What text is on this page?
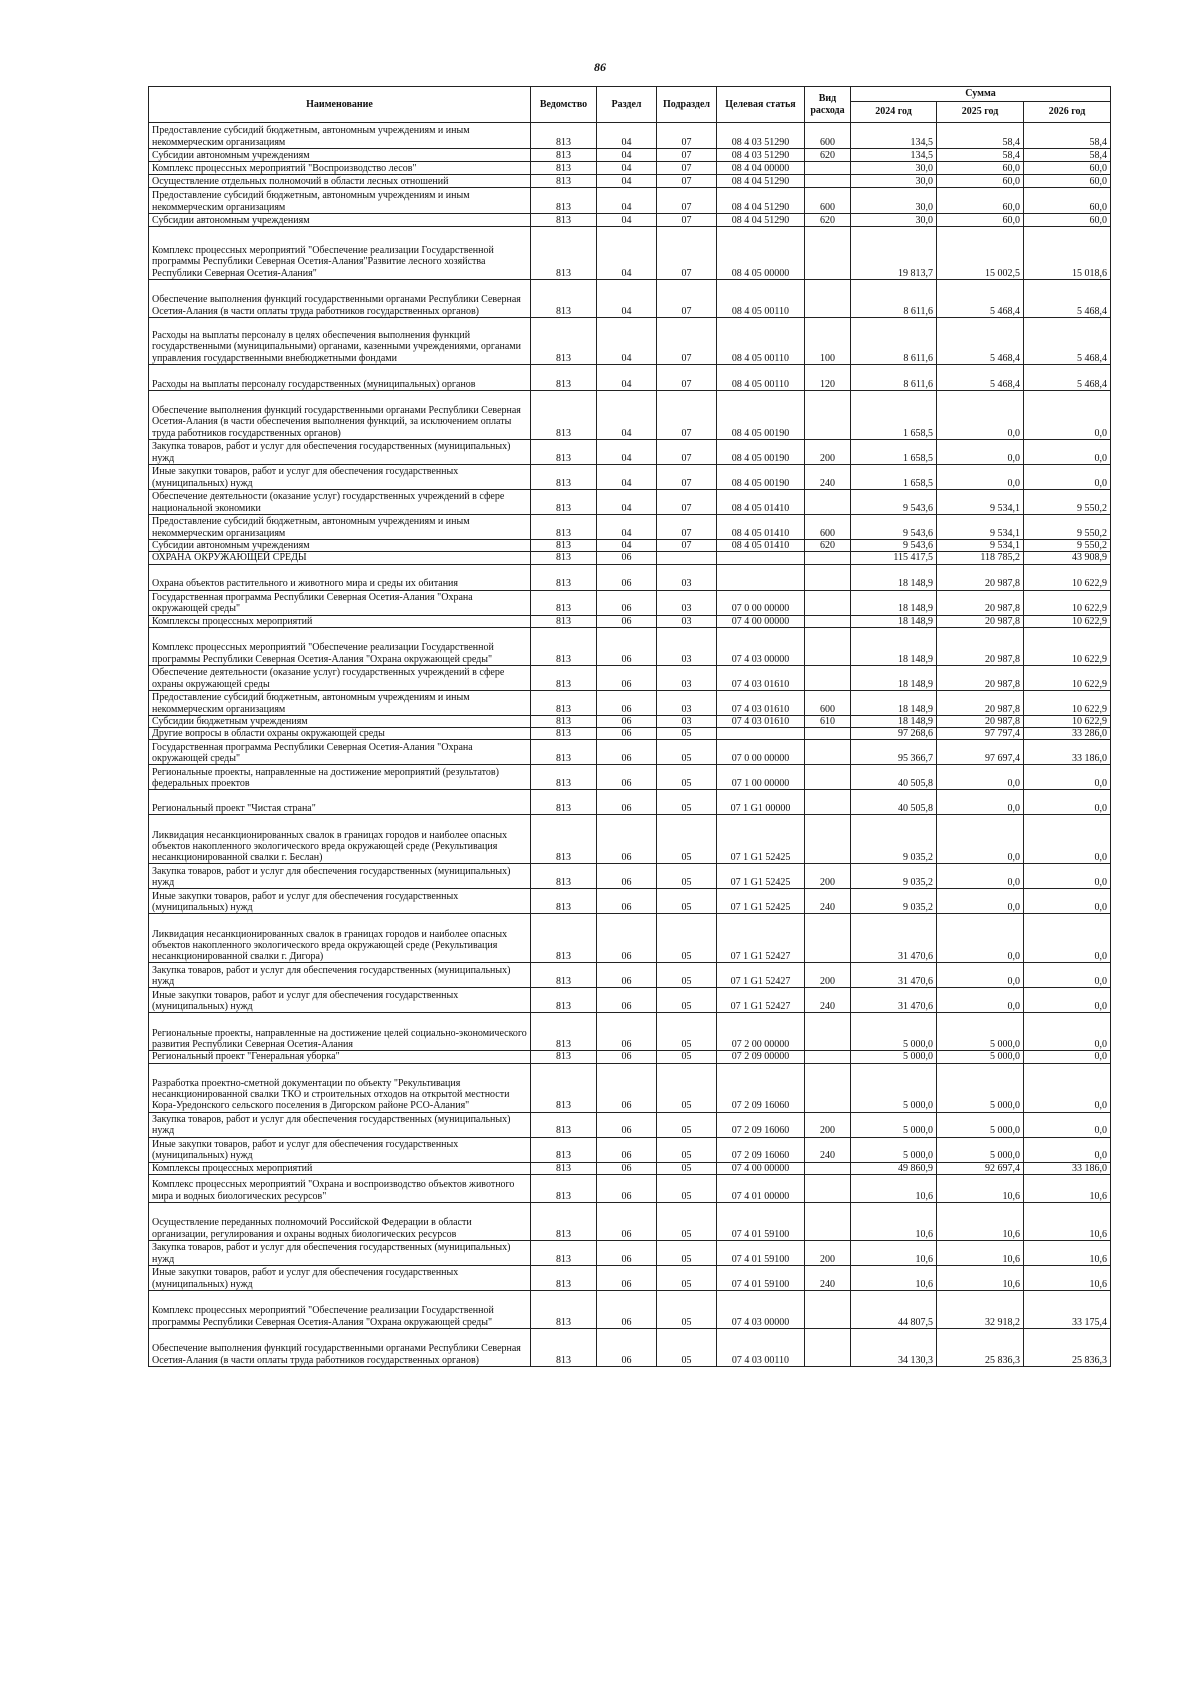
86
Наименование	Ведомство	Раздел	Подраздел	Целевая статья	Вид расхода	Сумма		
						2024 год	2025 год	2026 год
Предоставление субсидий бюджетным, автономным учреждениям и иным некоммерческим организациям	813	04	07	08 4 03 51290	600	134,5	58,4	58,4
Субсидии автономным учреждениям	813	04	07	08 4 03 51290	620	134,5	58,4	58,4
Комплекс процессных мероприятий "Воспроизводство лесов"	813	04	07	08 4 04 00000		30,0	60,0	60,0
Осуществление отдельных полномочий в области лесных отношений	813	04	07	08 4 04 51290		30,0	60,0	60,0
Предоставление субсидий бюджетным, автономным учреждениям и иным некоммерческим организациям	813	04	07	08 4 04 51290	600	30,0	60,0	60,0
Субсидии автономным учреждениям	813	04	07	08 4 04 51290	620	30,0	60,0	60,0
Комплекс процессных мероприятий "Обеспечение реализации Государственной программы Республики Северная Осетия-Алания"Развитие лесного хозяйства Республики Северная Осетия-Алания"	813	04	07	08 4 05 00000		19 813,7	15 002,5	15 018,6
Обеспечение выполнения функций государственными органами Республики Северная Осетия-Алания (в части оплаты труда работников государственных органов)	813	04	07	08 4 05 00110		8 611,6	5 468,4	5 468,4
Расходы на выплаты персоналу в целях обеспечения выполнения функций государственными (муниципальными) органами, казенными учреждениями, органами управления государственными внебюджетными фондами	813	04	07	08 4 05 00110	100	8 611,6	5 468,4	5 468,4
Расходы на выплаты персоналу государственных (муниципальных) органов	813	04	07	08 4 05 00110	120	8 611,6	5 468,4	5 468,4
Обеспечение выполнения функций государственными органами Республики Северная Осетия-Алания (в части обеспечения выполнения функций, за исключением оплаты труда работников государственных органов)	813	04	07	08 4 05 00190		1 658,5	0,0	0,0
Закупка товаров, работ и услуг для обеспечения государственных (муниципальных) нужд	813	04	07	08 4 05 00190	200	1 658,5	0,0	0,0
Иные закупки товаров, работ и услуг для обеспечения государственных (муниципальных) нужд	813	04	07	08 4 05 00190	240	1 658,5	0,0	0,0
Обеспечение деятельности (оказание услуг) государственных учреждений в сфере национальной экономики	813	04	07	08 4 05 01410		9 543,6	9 534,1	9 550,2
Предоставление субсидий бюджетным, автономным учреждениям и иным некоммерческим организациям	813	04	07	08 4 05 01410	600	9 543,6	9 534,1	9 550,2
Субсидии автономным учреждениям	813	04	07	08 4 05 01410	620	9 543,6	9 534,1	9 550,2
ОХРАНА ОКРУЖАЮЩЕЙ СРЕДЫ	813	06				115 417,5	118 785,2	43 908,9
Охрана объектов растительного и животного мира и среды их обитания	813	06	03			18 148,9	20 987,8	10 622,9
Государственная программа Республики Северная Осетия-Алания "Охрана окружающей среды"	813	06	03	07 0 00 00000		18 148,9	20 987,8	10 622,9
Комплексы процессных мероприятий	813	06	03	07 4 00 00000		18 148,9	20 987,8	10 622,9
Комплекс процессных мероприятий "Обеспечение реализации Государственной программы Республики Северная Осетия-Алания "Охрана окружающей среды"	813	06	03	07 4 03 00000		18 148,9	20 987,8	10 622,9
Обеспечение деятельности (оказание услуг) государственных учреждений в сфере охраны окружающей среды	813	06	03	07 4 03 01610		18 148,9	20 987,8	10 622,9
Предоставление субсидий бюджетным, автономным учреждениям и иным некоммерческим организациям	813	06	03	07 4 03 01610	600	18 148,9	20 987,8	10 622,9
Субсидии бюджетным учреждениям	813	06	03	07 4 03 01610	610	18 148,9	20 987,8	10 622,9
Другие вопросы в области охраны окружающей среды	813	06	05			97 268,6	97 797,4	33 286,0
Государственная программа Республики Северная Осетия-Алания "Охрана окружающей среды"	813	06	05	07 0 00 00000		95 366,7	97 697,4	33 186,0
Региональные проекты, направленные на достижение мероприятий (результатов) федеральных проектов	813	06	05	07 1 00 00000		40 505,8	0,0	0,0
Региональный проект "Чистая страна"	813	06	05	07 1 G1 00000		40 505,8	0,0	0,0
Ликвидация несанкционированных свалок в границах городов и наиболее опасных объектов накопленного экологического вреда окружающей среде (Рекультивация несанкционированной свалки г. Беслан)	813	06	05	07 1 G1 52425		9 035,2	0,0	0,0
Закупка товаров, работ и услуг для обеспечения государственных (муниципальных) нужд	813	06	05	07 1 G1 52425	200	9 035,2	0,0	0,0
Иные закупки товаров, работ и услуг для обеспечения государственных (муниципальных) нужд	813	06	05	07 1 G1 52425	240	9 035,2	0,0	0,0
Ликвидация несанкционированных свалок в границах городов и наиболее опасных объектов накопленного экологического вреда окружающей среде (Рекультивация несанкционированной свалки г. Дигора)	813	06	05	07 1 G1 52427		31 470,6	0,0	0,0
Закупка товаров, работ и услуг для обеспечения государственных (муниципальных) нужд	813	06	05	07 1 G1 52427	200	31 470,6	0,0	0,0
Иные закупки товаров, работ и услуг для обеспечения государственных (муниципальных) нужд	813	06	05	07 1 G1 52427	240	31 470,6	0,0	0,0
Региональные проекты, направленные на достижение целей социально-экономического развития Республики Северная Осетия-Алания	813	06	05	07 2 00 00000		5 000,0	5 000,0	0,0
Региональный проект "Генеральная уборка"	813	06	05	07 2 09 00000		5 000,0	5 000,0	0,0
Разработка проектно-сметной документации по объекту "Рекультивация несанкционированной свалки ТКО и строительных отходов на открытой местности Кора-Уредонского сельского поселения в Дигорском районе РСО-Алания"	813	06	05	07 2 09 16060		5 000,0	5 000,0	0,0
Закупка товаров, работ и услуг для обеспечения государственных (муниципальных) нужд	813	06	05	07 2 09 16060	200	5 000,0	5 000,0	0,0
Иные закупки товаров, работ и услуг для обеспечения государственных (муниципальных) нужд	813	06	05	07 2 09 16060	240	5 000,0	5 000,0	0,0
Комплексы процессных мероприятий	813	06	05	07 4 00 00000		49 860,9	92 697,4	33 186,0
Комплекс процессных мероприятий "Охрана и воспроизводство объектов животного мира и водных биологических ресурсов"	813	06	05	07 4 01 00000		10,6	10,6	10,6
Осуществление переданных полномочий Российской Федерации в области организации, регулирования и охраны водных биологических ресурсов	813	06	05	07 4 01 59100		10,6	10,6	10,6
Закупка товаров, работ и услуг для обеспечения государственных (муниципальных) нужд	813	06	05	07 4 01 59100	200	10,6	10,6	10,6
Иные закупки товаров, работ и услуг для обеспечения государственных (муниципальных) нужд	813	06	05	07 4 01 59100	240	10,6	10,6	10,6
Комплекс процессных мероприятий "Обеспечение реализации Государственной программы Республики Северная Осетия-Алания "Охрана окружающей среды"	813	06	05	07 4 03 00000		44 807,5	32 918,2	33 175,4
Обеспечение выполнения функций государственными органами Республики Северная Осетия-Алания (в части оплаты труда работников государственных органов)	813	06	05	07 4 03 00110		34 130,3	25 836,3	25 836,3
